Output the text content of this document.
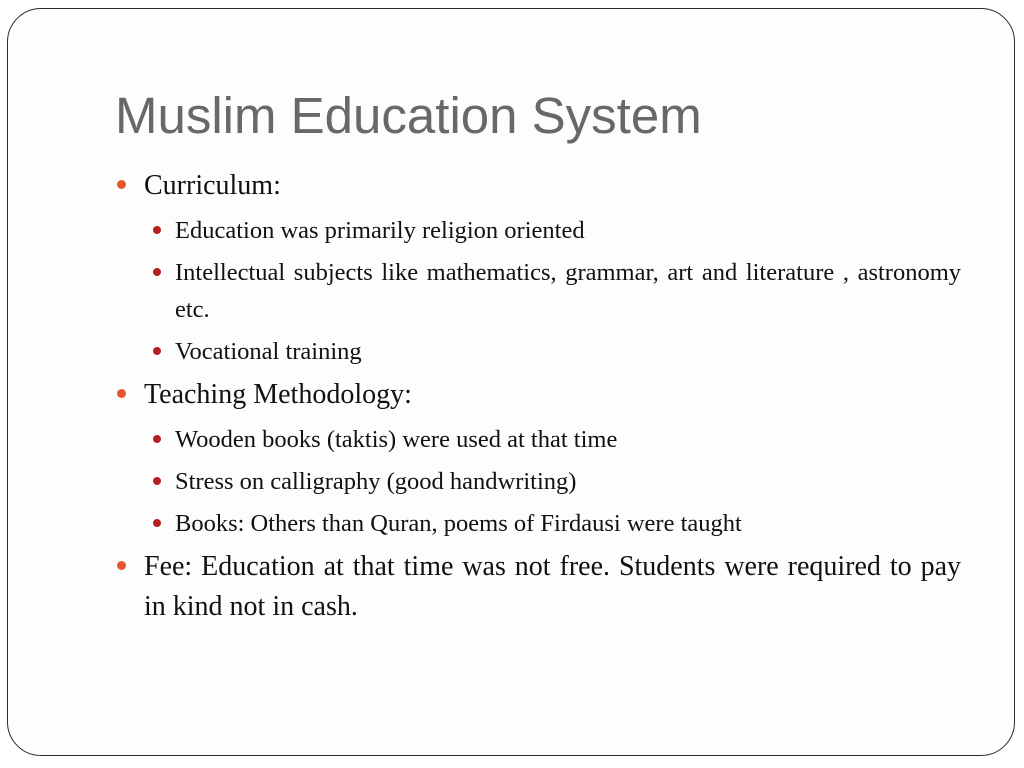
Muslim Education System
Curriculum:
Education was primarily religion oriented
Intellectual subjects like mathematics, grammar, art and literature , astronomy etc.
Vocational training
Teaching Methodology:
Wooden books (taktis) were used at that time
Stress on calligraphy (good handwriting)
Books: Others than Quran, poems of Firdausi were taught
Fee: Education at that time was not free. Students were required to pay in kind not in cash.
